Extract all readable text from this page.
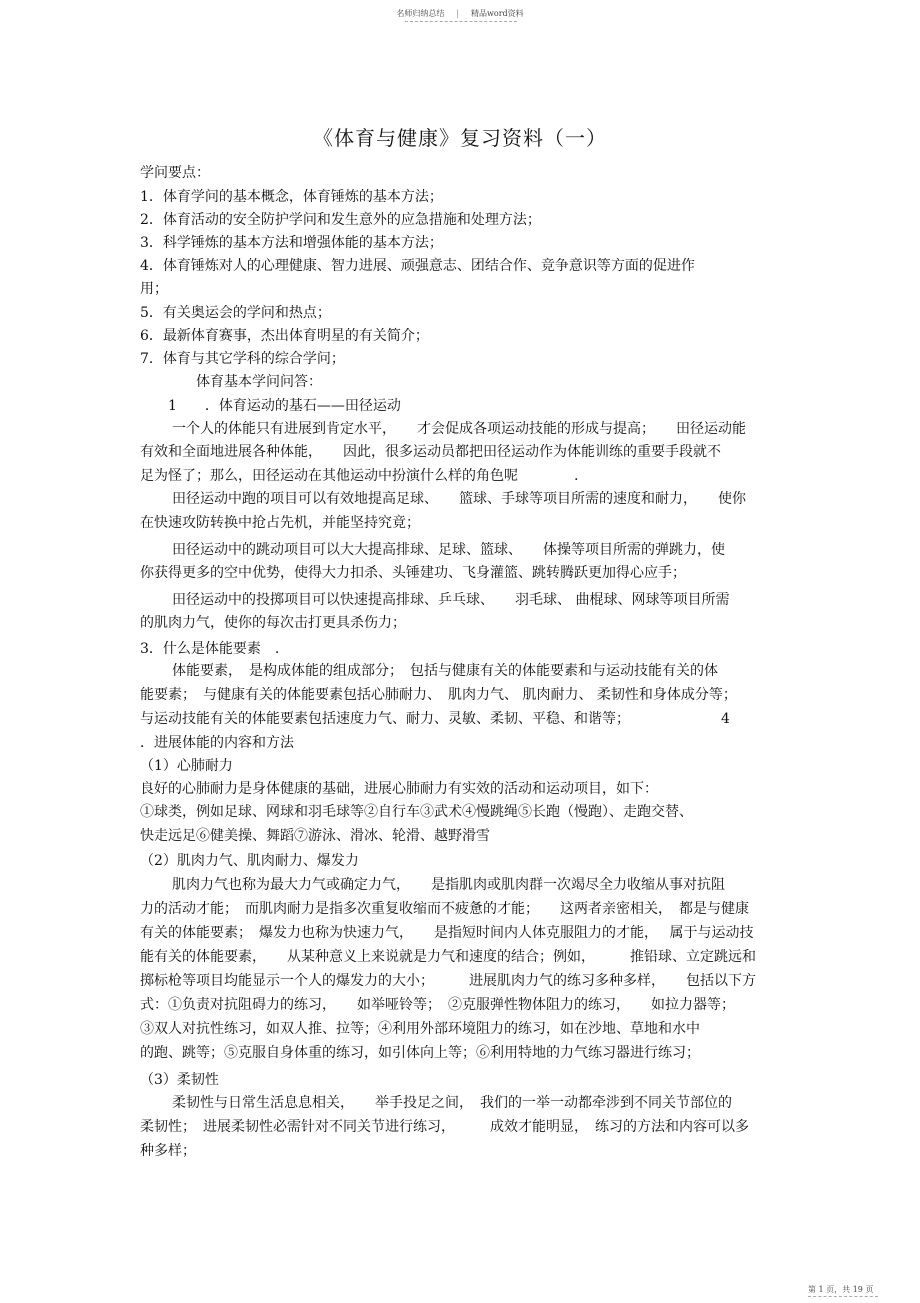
名师归纳总结 | 精品word资料
《体育与健康》复习资料（一）
学问要点：
1．体育学问的基本概念，体育锤炼的基本方法；
2．体育活动的安全防护学问和发生意外的应急措施和处理方法；
3．科学锤炼的基本方法和增强体能的基本方法；
4．体育锤炼对人的心理健康、智力进展、顽强意志、团结合作、竞争意识等方面的促进作
用；
5．有关奥运会的学问和热点；
6．最新体育赛事，杰出体育明星的有关简介；
7．体育与其它学科的综合学问；
体育基本学问问答：
1　　．体育运动的基石——田径运动
一个人的体能只有进展到肯定水平，　　才会促成各项运动技能的形成与提高；　　田径运动能
有效和全面地进展各种体能，　　因此，很多运动员都把田径运动作为体能训练的重要手段就不
足为怪了；那么，田径运动在其他运动中扮演什么样的角色呢　　　　.
田径运动中跑的项目可以有效地提高足球、　　篮球、手球等项目所需的速度和耐力，　　使你
在快速攻防转换中抢占先机，并能坚持究竟；
田径运动中的跳动项目可以大大提高排球、足球、篮球、　　体操等项目所需的弹跳力，使
你获得更多的空中优势，使得大力扣杀、头锤建功、飞身灌篮、跳转腾跃更加得心应手；
田径运动中的投掷项目可以快速提高排球、乒乓球、　　羽毛球、 曲棍球、网球等项目所需
的肌肉力气，使你的每次击打更具杀伤力；
3．什么是体能要素　.
体能要素，　是构成体能的组成部分；　包括与健康有关的体能要素和与运动技能有关的体
能要素；　与健康有关的体能要素包括心肺耐力、　肌肉力气、 肌肉耐力、 柔韧性和身体成分等；
与运动技能有关的体能要素包括速度力气、耐力、灵敏、柔韧、平稳、和谐等；　　　　　　　4
．进展体能的内容和方法
（1）心肺耐力
良好的心肺耐力是身体健康的基础，进展心肺耐力有实效的活动和运动项目，如下：
①球类，例如足球、网球和羽毛球等②自行车③武术④慢跳绳⑤长跑（慢跑）、走跑交替、
快走远足⑥健美操、舞蹈⑦游泳、滑冰、轮滑、越野滑雪
（2）肌肉力气、肌肉耐力、爆发力
肌肉力气也称为最大力气或确定力气，　　是指肌肉或肌肉群一次竭尽全力收缩从事对抗阻
力的活动才能；　而肌肉耐力是指多次重复收缩而不疲惫的才能；　　这两者亲密相关，　都是与健康
有关的体能要素；　爆发力也称为快速力气，　　是指短时间内人体克服阻力的才能，　 属于与运动技
能有关的体能要素，　　从某种意义上来说就是力气和速度的结合；例如，　　　推铅球、立定跳远和
掷标枪等项目均能显示一个人的爆发力的大小；　　　进展肌肉力气的练习多种多样，　　包括以下方
式：①负责对抗阻碍力的练习，　　如举哑铃等；　②克服弹性物体阻力的练习，　　如拉力器等；
③双人对抗性练习，如双人推、拉等；④利用外部环境阻力的练习，如在沙地、草地和水中
的跑、跳等；⑤克服自身体重的练习，如引体向上等；⑥利用特地的力气练习器进行练习；
（3）柔韧性
柔韧性与日常生活息息相关，　　举手投足之间，　我们的一举一动都牵涉到不同关节部位的
柔韧性；　进展柔韧性必需针对不同关节进行练习，　　　成效才能明显，　练习的方法和内容可以多
种多样；
第 1 页，共 19 页
